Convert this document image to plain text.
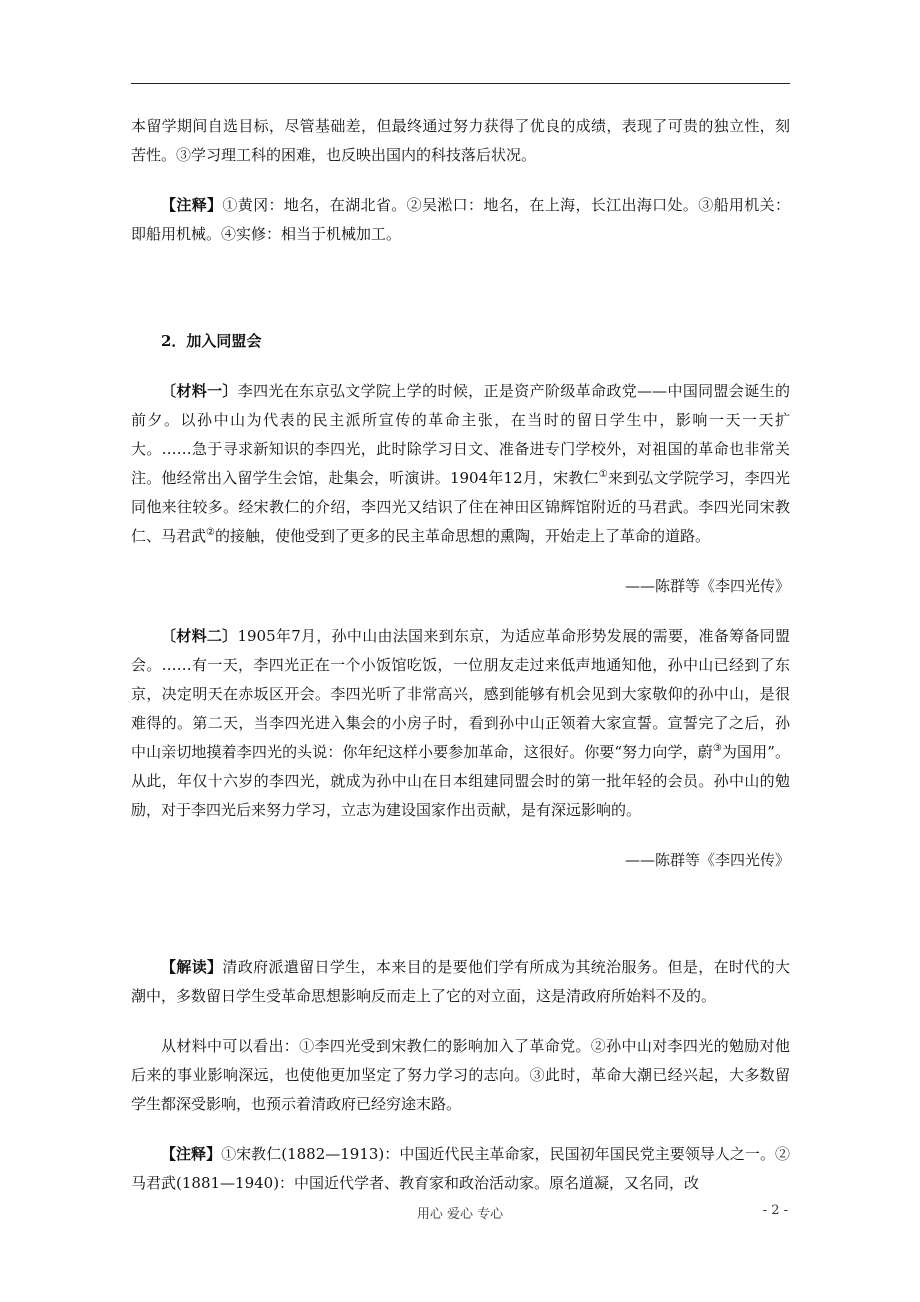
本留学期间自选目标，尽管基础差，但最终通过努力获得了优良的成绩，表现了可贵的独立性，刻苦性。③学习理工科的困难，也反映出国内的科技落后状况。

【注释】①黄冈：地名，在湖北省。②吴淞口：地名，在上海，长江出海口处。③船用机关：即船用机械。④实修：相当于机械加工。

2．加入同盟会

〔材料一〕李四光在东京弘文学院上学的时候，正是资产阶级革命政党——中国同盟会诞生的前夕。以孙中山为代表的民主派所宣传的革命主张，在当时的留日学生中，影响一天一天扩大。……急于寻求新知识的李四光，此时除学习日文、准备进专门学校外，对祖国的革命也非常关注。他经常出入留学生会馆，赴集会，听演讲。1904年12月，宋教仁①来到弘文学院学习，李四光同他来往较多。经宋教仁的介绍，李四光又结识了住在神田区锦辉馆附近的马君武。李四光同宋教仁、马君武②的接触，使他受到了更多的民主革命思想的熏陶，开始走上了革命的道路。

——陈群等《李四光传》

〔材料二〕1905年7月，孙中山由法国来到东京，为适应革命形势发展的需要，准备筹备同盟会。……有一天，李四光正在一个小饭馆吃饭，一位朋友走过来低声地通知他，孙中山已经到了东京，决定明天在赤坂区开会。李四光听了非常高兴，感到能够有机会见到大家敬仰的孙中山，是很难得的。第二天，当李四光进入集会的小房子时，看到孙中山正领着大家宣誓。宣誓完了之后，孙中山亲切地摸着李四光的头说：你年纪这样小要参加革命，这很好。你要“努力向学，蔚③为国用”。从此，年仅十六岁的李四光，就成为孙中山在日本组建同盟会时的第一批年轻的会员。孙中山的勉励，对于李四光后来努力学习，立志为建设国家作出贡献，是有深远影响的。

——陈群等《李四光传》

【解读】清政府派遣留日学生，本来目的是要他们学有所成为其统治服务。但是，在时代的大潮中，多数留日学生受革命思想影响反而走上了它的对立面，这是清政府所始料不及的。

从材料中可以看出：①李四光受到宋教仁的影响加入了革命党。②孙中山对李四光的勉励对他后来的事业影响深远，也使他更加坚定了努力学习的志向。③此时，革命大潮已经兴起，大多数留学生都深受影响，也预示着清政府已经穷途末路。

【注释】①宋教仁(1882—1913)：中国近代民主革命家，民国初年国民党主要领导人之一。②马君武(1881—1940)：中国近代学者、教育家和政治活动家。原名道凝，又名同，改

用心 爱心 专心	- 2 -
